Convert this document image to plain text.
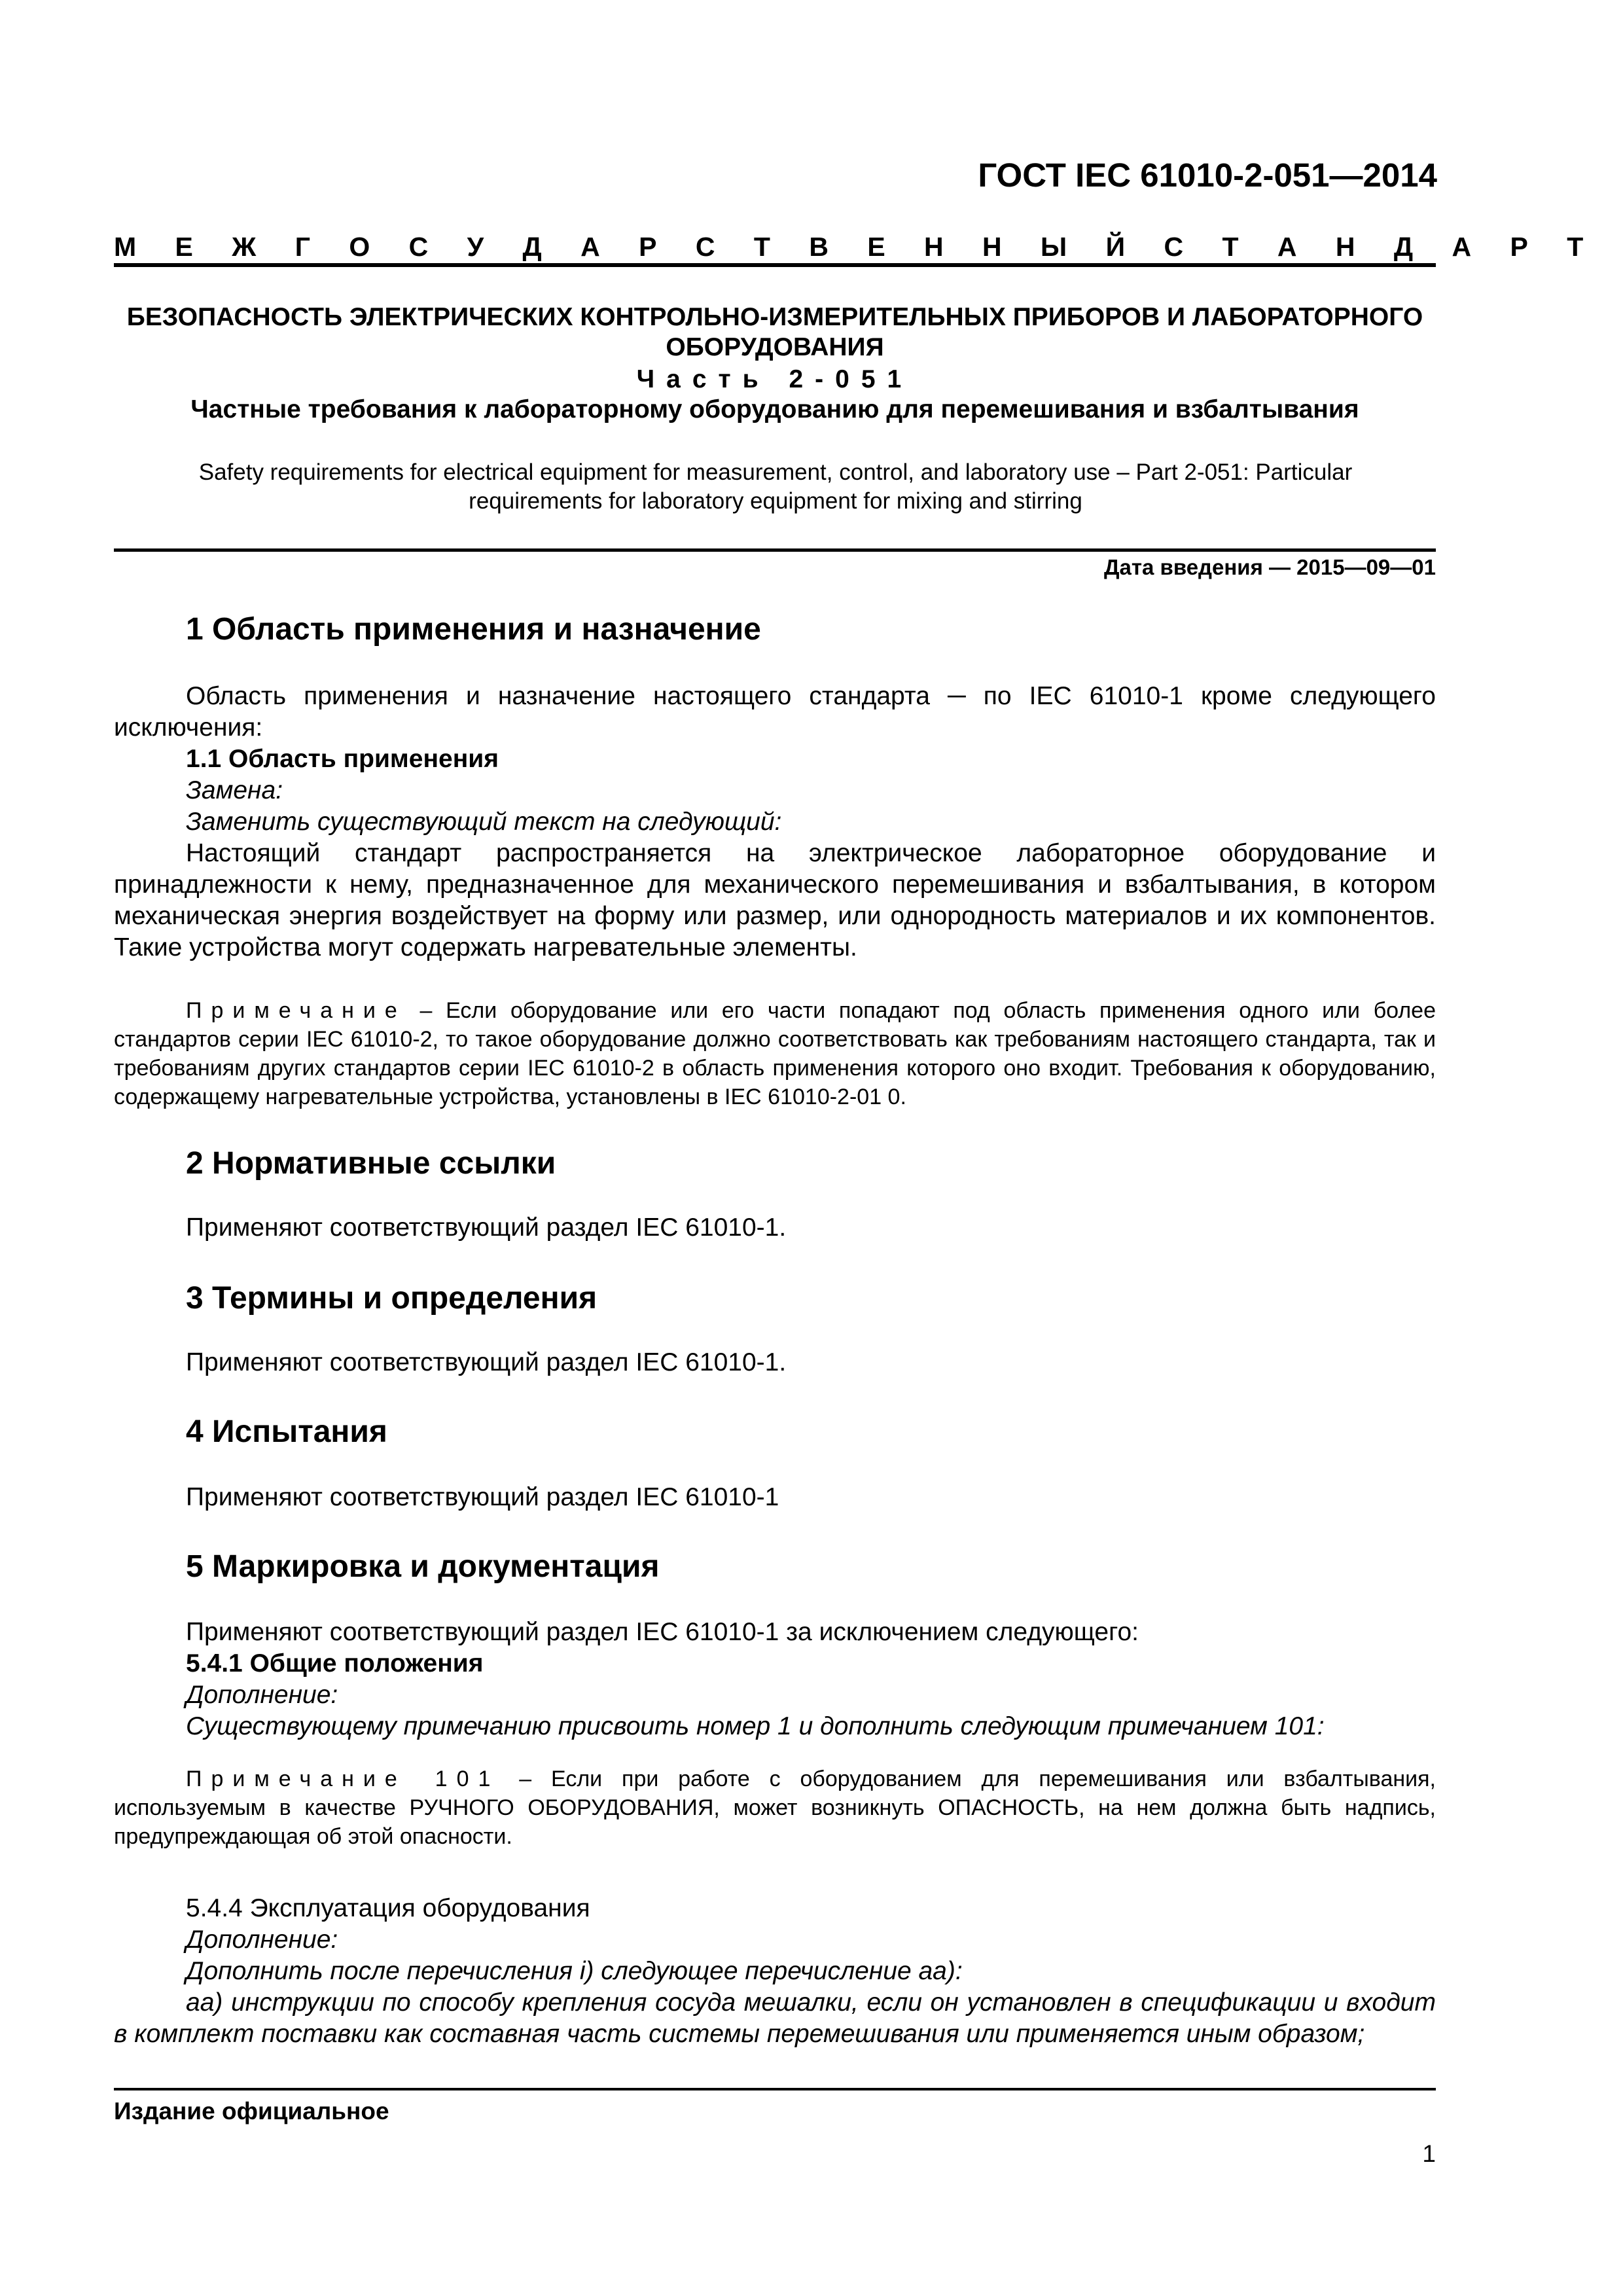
ГОСТ IEC 61010-2-051—2014
М Е Ж Г О С У Д А Р С Т В Е Н Н Ы Й С Т А Н Д А Р Т
БЕЗОПАСНОСТЬ ЭЛЕКТРИЧЕСКИХ КОНТРОЛЬНО-ИЗМЕРИТЕЛЬНЫХ ПРИБОРОВ И ЛАБОРАТОРНОГО ОБОРУДОВАНИЯ
Часть 2-051
Частные требования к лабораторному оборудованию для перемешивания и взбалтывания
Safety requirements for electrical equipment for measurement, control, and laboratory use – Part 2-051: Particular requirements for laboratory equipment for mixing and stirring
Дата введения — 2015—09—01
1 Область применения и назначение
Область применения и назначение настоящего стандарта ─ по IEC 61010-1 кроме следующего исключения:
1.1 Область применения
Замена:
Заменить существующий текст на следующий:
Настоящий стандарт распространяется на электрическое лабораторное оборудование и принадлежности к нему, предназначенное для механического перемешивания и взбалтывания, в котором механическая энергия воздействует на форму или размер, или однородность материалов и их компонентов. Такие устройства могут содержать нагревательные элементы.
Примечание – Если оборудование или его части попадают под область применения одного или более стандартов серии IEC 61010-2, то такое оборудование должно соответствовать как требованиям настоящего стандарта, так и требованиям других стандартов серии IEC 61010-2 в область применения которого оно входит. Требования к оборудованию, содержащему нагревательные устройства, установлены в IEC 61010-2-01 0.
2 Нормативные ссылки
Применяют соответствующий раздел IEC 61010-1.
3 Термины и определения
Применяют соответствующий раздел IEC 61010-1.
4 Испытания
Применяют соответствующий раздел IEC 61010-1
5 Маркировка и документация
Применяют соответствующий раздел IEC 61010-1 за исключением следующего:
5.4.1 Общие положения
Дополнение:
Существующему примечанию присвоить номер 1 и дополнить следующим примечанием 101:
Примечание 101 – Если при работе с оборудованием для перемешивания или взбалтывания, используемым в качестве РУЧНОГО ОБОРУДОВАНИЯ, может возникнуть ОПАСНОСТЬ, на нем должна быть надпись, предупреждающая об этой опасности.
5.4.4 Эксплуатация оборудования
Дополнение:
Дополнить после перечисления i) следующее перечисление aa):
aa) инструкции по способу крепления сосуда мешалки, если он установлен в спецификации и входит в комплект поставки как составная часть системы перемешивания или применяется иным образом;
Издание официальное
1
